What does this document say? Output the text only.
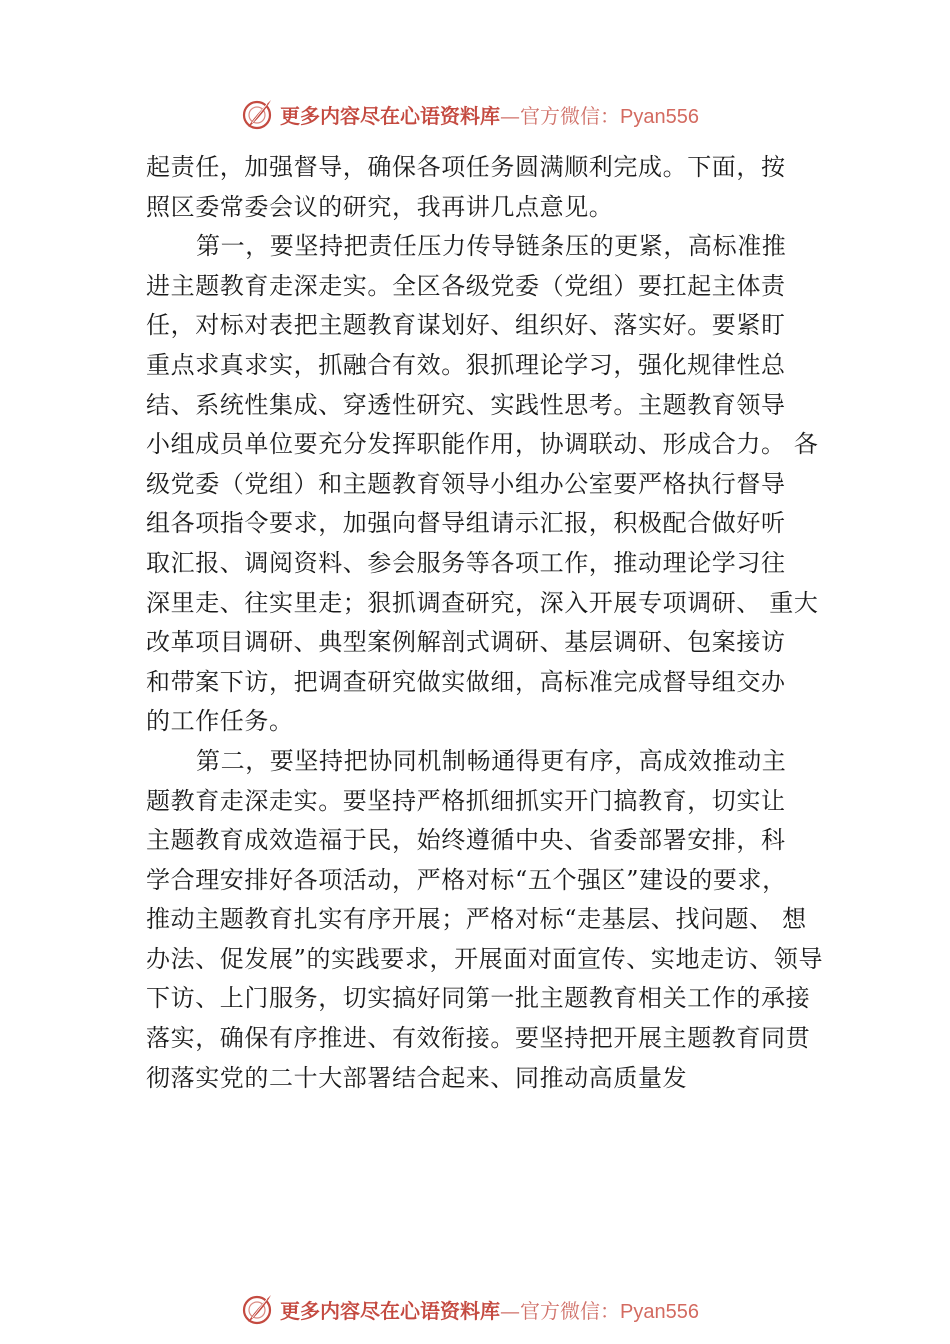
更多内容尽在心语资料库—官方微信：Pyan556
起责任，加强督导，确保各项任务圆满顺利完成。下面，按
照区委常委会议的研究，我再讲几点意见。
第一，要坚持把责任压力传导链条压的更紧，高标准推
进主题教育走深走实。全区各级党委（党组）要扛起主体责
任，对标对表把主题教育谋划好、组织好、落实好。要紧盯
重点求真求实，抓融合有效。狠抓理论学习，强化规律性总
结、系统性集成、穿透性研究、实践性思考。主题教育领导
小组成员单位要充分发挥职能作用，协调联动、形成合力。 各
级党委（党组）和主题教育领导小组办公室要严格执行督导
组各项指令要求，加强向督导组请示汇报，积极配合做好听
取汇报、调阅资料、参会服务等各项工作，推动理论学习往
深里走、往实里走；狠抓调查研究，深入开展专项调研、 重大
改革项目调研、典型案例解剖式调研、基层调研、包案接访
和带案下访，把调查研究做实做细，高标准完成督导组交办
的工作任务。
第二，要坚持把协同机制畅通得更有序，高成效推动主
题教育走深走实。要坚持严格抓细抓实开门搞教育，切实让
主题教育成效造福于民，始终遵循中央、省委部署安排，科
学合理安排好各项活动，严格对标“五个强区”建设的要求，
推动主题教育扎实有序开展；严格对标“走基层、找问题、 想
办法、促发展”的实践要求，开展面对面宣传、实地走访、领导
下访、上门服务，切实搞好同第一批主题教育相关工作的承接
落实，确保有序推进、有效衔接。要坚持把开展主题教育同贯
彻落实党的二十大部署结合起来、同推动高质量发
更多内容尽在心语资料库—官方微信：Pyan556
